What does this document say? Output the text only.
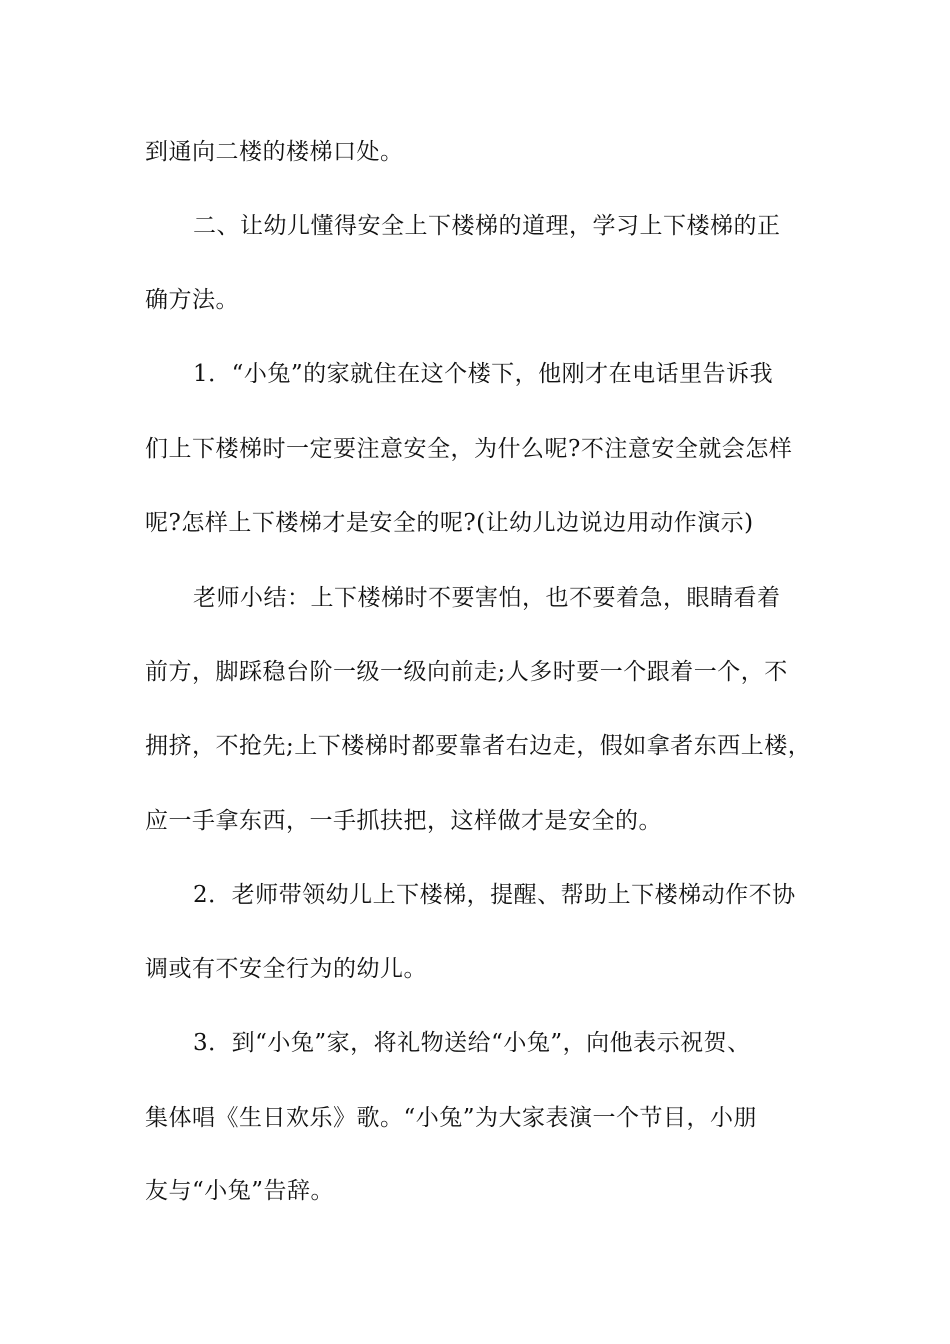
到通向二楼的楼梯口处。
二、让幼儿懂得安全上下楼梯的道理，学习上下楼梯的正
确方法。
1．“小兔”的家就住在这个楼下，他刚才在电话里告诉我
们上下楼梯时一定要注意安全，为什么呢?不注意安全就会怎样
呢?怎样上下楼梯才是安全的呢?(让幼儿边说边用动作演示)
老师小结：上下楼梯时不要害怕，也不要着急，眼睛看着
前方，脚踩稳台阶一级一级向前走;人多时要一个跟着一个，不
拥挤，不抢先;上下楼梯时都要靠者右边走，假如拿者东西上楼，
应一手拿东西，一手抓扶把，这样做才是安全的。
2．老师带领幼儿上下楼梯，提醒、帮助上下楼梯动作不协
调或有不安全行为的幼儿。
3．到“小兔”家，将礼物送给“小兔”，向他表示祝贺、
集体唱《生日欢乐》歌。“小兔”为大家表演一个节目，小朋
友与“小兔”告辞。
